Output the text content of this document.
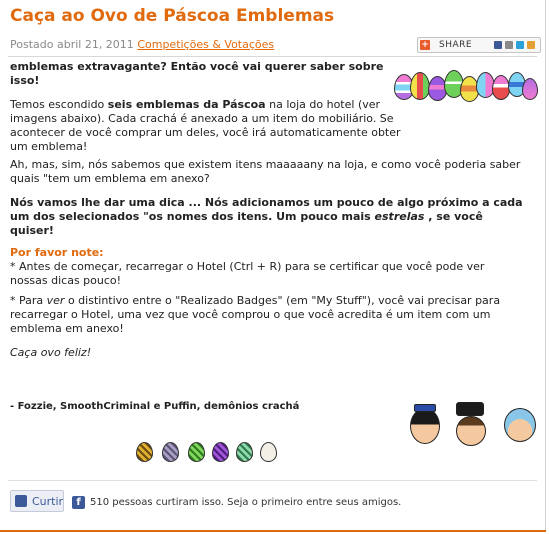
Caça ao Ovo de Páscoa Emblemas
Postado abril 21, 2011 Competições & Votações	+ SHARE

emblemas extravagante? Então você vai querer saber sobre isso!

Temos escondido seis emblemas da Páscoa na loja do hotel (ver imagens abaixo). Cada crachá é anexado a um item do mobiliário. Se acontecer de você comprar um deles, você irá automaticamente obter um emblema!

Ah, mas, sim, nós sabemos que existem itens maaaaany na loja, e como você poderia saber quais "tem um emblema em anexo?

Nós vamos lhe dar uma dica ... Nós adicionamos um pouco de algo próximo a cada um dos selecionados "os nomes dos itens. Um pouco mais estrelas , se você quiser!

Por favor note:

* Antes de começar, recarregar o Hotel (Ctrl + R) para se certificar que você pode ver nossas dicas pouco!

* Para ver o distintivo entre o "Realizado Badges" (em "My Stuff"), você vai precisar para recarregar o Hotel, uma vez que você comprou o que você acredita é um item com um emblema em anexo!

Caça ovo feliz!

- Fozzie, SmoothCriminal e Puffin, demônios crachá

Curtir	f 510 pessoas curtiram isso. Seja o primeiro entre seus amigos.
